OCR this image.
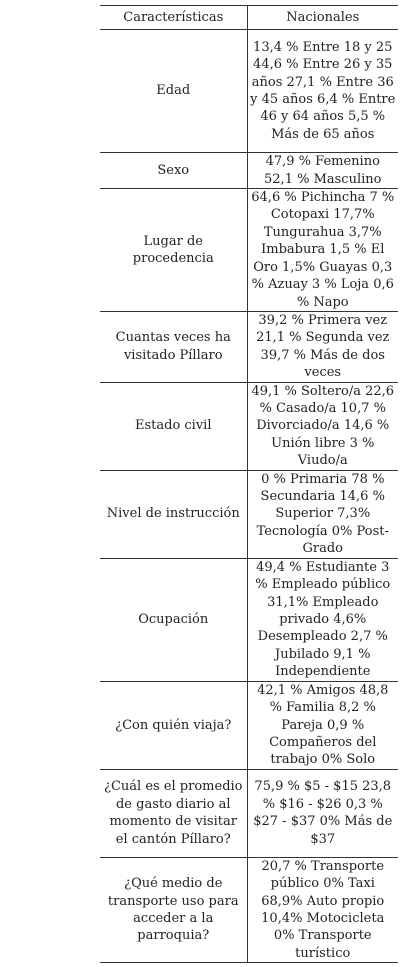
Características	Nacionales
Edad	13,4 % Entre 18 y 25 44,6 % Entre 26 y 35 años 27,1 % Entre 36 y 45 años 6,4 % Entre 46 y 64 años 5,5 % Más de 65 años
Sexo	47,9 % Femenino 52,1 % Masculino
Lugar de procedencia	64,6 % Pichincha 7 % Cotopaxi 17,7% Tungurahua 3,7% Imbabura 1,5 % El Oro 1,5% Guayas 0,3 % Azuay 3 % Loja 0,6 % Napo
Cuantas veces ha visitado Píllaro	39,2 % Primera vez 21,1 % Segunda vez 39,7 % Más de dos veces
Estado civil	49,1 % Soltero/a 22,6 % Casado/a 10,7 % Divorciado/a 14,6 % Unión libre 3 % Viudo/a
Nivel de instrucción	0 % Primaria 78 % Secundaria 14,6 % Superior 7,3% Tecnología 0% Post-Grado
Ocupación	49,4 % Estudiante 3 % Empleado público 31,1% Empleado privado 4,6% Desempleado 2,7 % Jubilado 9,1 % Independiente
¿Con quién viaja?	42,1 % Amigos 48,8 % Familia 8,2 % Pareja 0,9 % Compañeros del trabajo 0% Solo
¿Cuál es el promedio de gasto diario al momento de visitar el cantón Píllaro?	75,9 % $5 - $15 23,8 % $16 - $26 0,3 % $27 - $37 0% Más de $37
¿Qué medio de transporte uso para acceder a la parroquia?	20,7 % Transporte público 0% Taxi 68,9% Auto propio 10,4% Motocicleta 0% Transporte turístico
